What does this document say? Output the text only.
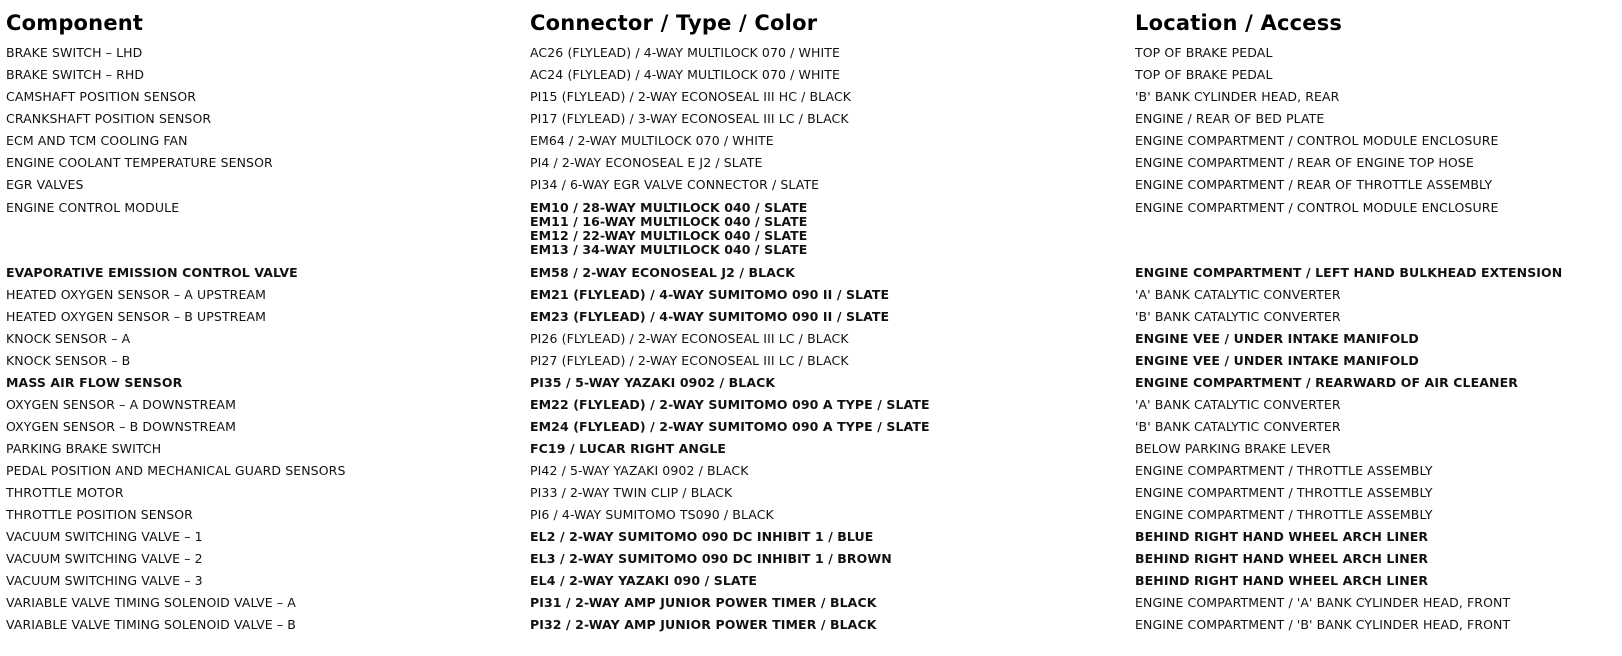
Component
BRAKE SWITCH – LHD
BRAKE SWITCH – RHD
CAMSHAFT POSITION SENSOR
CRANKSHAFT POSITION SENSOR
ECM AND TCM COOLING FAN
ENGINE COOLANT TEMPERATURE SENSOR
EGR VALVES
ENGINE CONTROL MODULE
EVAPORATIVE EMISSION CONTROL VALVE
HEATED OXYGEN SENSOR – A UPSTREAM
HEATED OXYGEN SENSOR – B UPSTREAM
KNOCK SENSOR – A
KNOCK SENSOR – B
MASS AIR FLOW SENSOR
OXYGEN SENSOR – A DOWNSTREAM
OXYGEN SENSOR – B DOWNSTREAM
PARKING BRAKE SWITCH
PEDAL POSITION AND MECHANICAL GUARD SENSORS
THROTTLE MOTOR
THROTTLE POSITION SENSOR
VACUUM SWITCHING VALVE – 1
VACUUM SWITCHING VALVE – 2
VACUUM SWITCHING VALVE – 3
VARIABLE VALVE TIMING SOLENOID VALVE – A
VARIABLE VALVE TIMING SOLENOID VALVE – B
Connector / Type / Color
AC26 (FLYLEAD) / 4-WAY MULTILOCK 070 / WHITE
AC24 (FLYLEAD) / 4-WAY MULTILOCK 070 / WHITE
PI15 (FLYLEAD) / 2-WAY ECONOSEAL III HC / BLACK
PI17 (FLYLEAD) / 3-WAY ECONOSEAL III LC / BLACK
EM64 / 2-WAY MULTILOCK 070 / WHITE
PI4 / 2-WAY ECONOSEAL E J2 / SLATE
PI34 / 6-WAY EGR VALVE CONNECTOR / SLATE
EM10 / 28-WAY MULTILOCK 040 / SLATE
EM11 / 16-WAY MULTILOCK 040 / SLATE
EM12 / 22-WAY MULTILOCK 040 / SLATE
EM13 / 34-WAY MULTILOCK 040 / SLATE
EM58 / 2-WAY ECONOSEAL J2 / BLACK
EM21 (FLYLEAD) / 4-WAY SUMITOMO 090 II / SLATE
EM23 (FLYLEAD) / 4-WAY SUMITOMO 090 II / SLATE
PI26 (FLYLEAD) / 2-WAY ECONOSEAL III LC / BLACK
PI27 (FLYLEAD) / 2-WAY ECONOSEAL III LC / BLACK
PI35 / 5-WAY YAZAKI 0902 / BLACK
EM22 (FLYLEAD) / 2-WAY SUMITOMO 090 A TYPE / SLATE
EM24 (FLYLEAD) / 2-WAY SUMITOMO 090 A TYPE / SLATE
FC19 / LUCAR RIGHT ANGLE
PI42 / 5-WAY YAZAKI 0902 / BLACK
PI33 / 2-WAY TWIN CLIP / BLACK
PI6 / 4-WAY SUMITOMO TS090 / BLACK
EL2 / 2-WAY SUMITOMO 090 DC INHIBIT 1 / BLUE
EL3 / 2-WAY SUMITOMO 090 DC INHIBIT 1 / BROWN
EL4 / 2-WAY YAZAKI 090 / SLATE
PI31 / 2-WAY AMP JUNIOR POWER TIMER / BLACK
PI32 / 2-WAY AMP JUNIOR POWER TIMER / BLACK
Location / Access
TOP OF BRAKE PEDAL
TOP OF BRAKE PEDAL
'B' BANK CYLINDER HEAD, REAR
ENGINE / REAR OF BED PLATE
ENGINE COMPARTMENT / CONTROL MODULE ENCLOSURE
ENGINE COMPARTMENT / REAR OF ENGINE TOP HOSE
ENGINE COMPARTMENT / REAR OF THROTTLE ASSEMBLY
ENGINE COMPARTMENT / CONTROL MODULE ENCLOSURE
ENGINE COMPARTMENT / LEFT HAND BULKHEAD EXTENSION
'A' BANK CATALYTIC CONVERTER
'B' BANK CATALYTIC CONVERTER
ENGINE VEE / UNDER INTAKE MANIFOLD
ENGINE VEE / UNDER INTAKE MANIFOLD
ENGINE COMPARTMENT / REARWARD OF AIR CLEANER
'A' BANK CATALYTIC CONVERTER
'B' BANK CATALYTIC CONVERTER
BELOW PARKING BRAKE LEVER
ENGINE COMPARTMENT / THROTTLE ASSEMBLY
ENGINE COMPARTMENT / THROTTLE ASSEMBLY
ENGINE COMPARTMENT / THROTTLE ASSEMBLY
BEHIND RIGHT HAND WHEEL ARCH LINER
BEHIND RIGHT HAND WHEEL ARCH LINER
BEHIND RIGHT HAND WHEEL ARCH LINER
ENGINE COMPARTMENT / 'A' BANK CYLINDER HEAD, FRONT
ENGINE COMPARTMENT / 'B' BANK CYLINDER HEAD, FRONT
